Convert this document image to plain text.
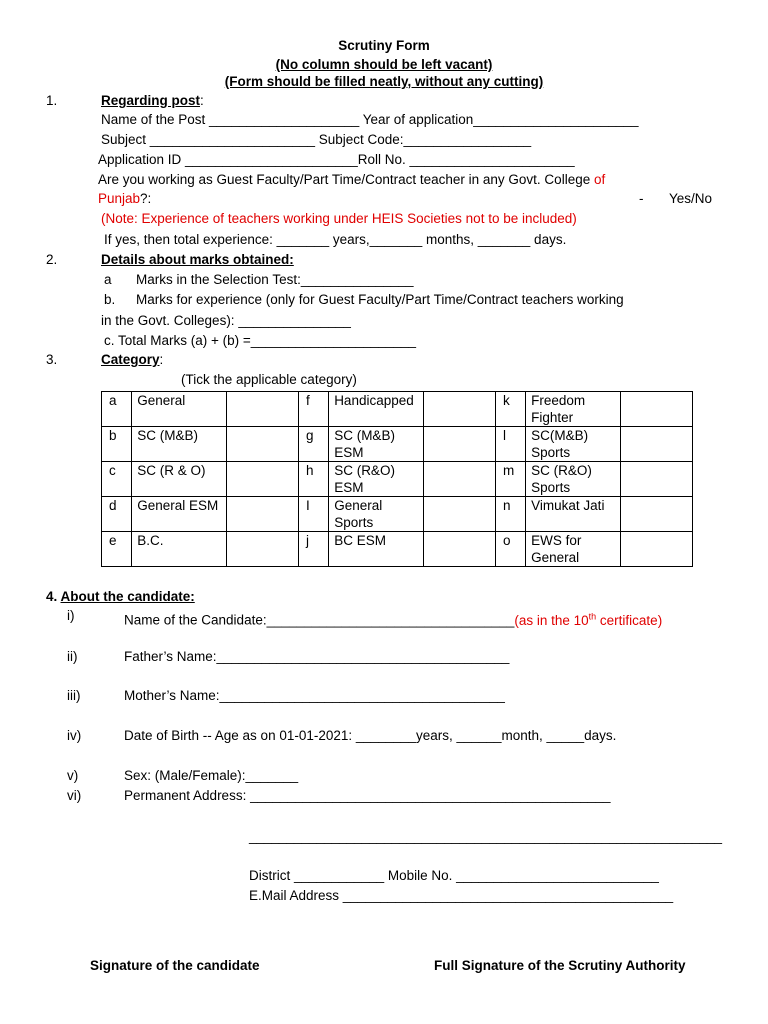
Scrutiny Form
(No column should be left vacant)
(Form should be filled neatly, without any cutting)
1.	Regarding post:
Name of the Post ____________________ Year of application______________________
Subject ______________________ Subject Code:_________________
Application ID _______________________Roll No. ______________________
Are you working as Guest Faculty/Part Time/Contract teacher in any Govt. College of
Punjab?:	- Yes/No
(Note: Experience of teachers working under HEIS Societies not to be included)
If yes, then total experience: _______ years,_______ months, _______ days.
2.	Details about marks obtained:
a Marks in the Selection Test:_______________
b. Marks for experience (only for Guest Faculty/Part Time/Contract teachers working
in the Govt. Colleges): _______________
c. Total Marks (a) + (b) =______________________
3.	Category:
(Tick the applicable category)
a	General		f	Handicapped		k	Freedom Fighter	
b	SC (M&B)		g	SC (M&B) ESM		l	SC(M&B) Sports	
c	SC (R & O)		h	SC (R&O) ESM		m	SC (R&O) Sports	
d	General ESM		I	General Sports		n	Vimukat Jati	
e	B.C.		j	BC ESM		o	EWS for General	
4. About the candidate:
i)	Name of the Candidate:_________________________________(as in the 10th certificate)
ii)	Father’s Name:_______________________________________
iii)	Mother’s Name:______________________________________
iv)	Date of Birth -- Age as on 01-01-2021: ________years, ______month, _____days.
v)	Sex: (Male/Female):_______
vi)	Permanent Address: ________________________________________________
_______________________________________________________________
District ____________ Mobile No. ___________________________
E.Mail Address ____________________________________________
Signature of the candidate	Full Signature of the Scrutiny Authority
